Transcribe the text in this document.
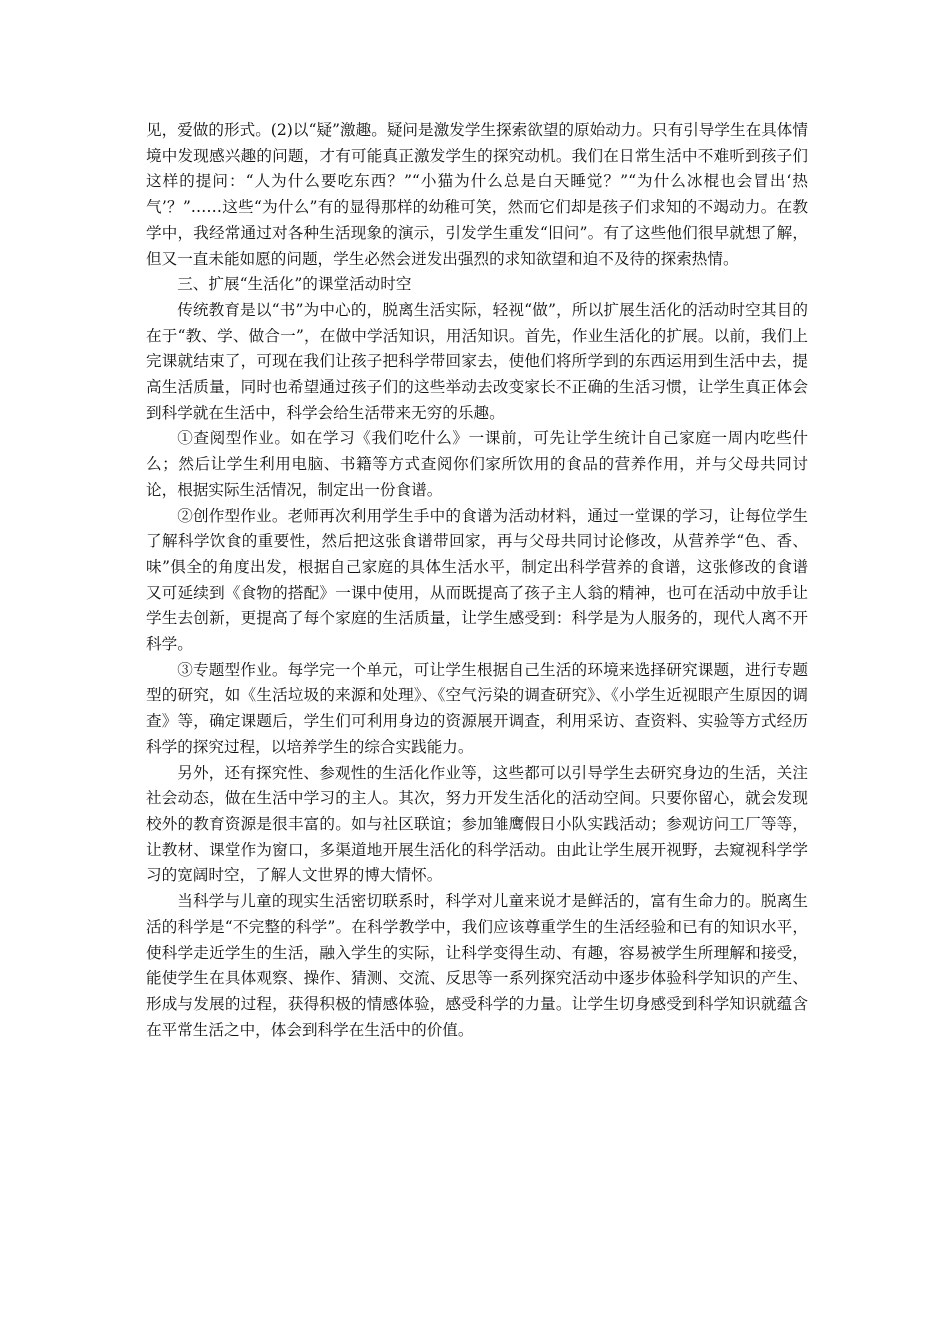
见，爱做的形式。(2)以“疑”激趣。疑问是激发学生探索欲望的原始动力。只有引导学生在具体情境中发现感兴趣的问题，才有可能真正激发学生的探究动机。我们在日常生活中不难听到孩子们这样的提问：“人为什么要吃东西？”“小猫为什么总是白天睡觉？”“为什么冰棍也会冒出‘热气’？”……这些“为什么”有的显得那样的幼稚可笑，然而它们却是孩子们求知的不竭动力。在教学中，我经常通过对各种生活现象的演示，引发学生重发“旧问”。有了这些他们很早就想了解，但又一直未能如愿的问题，学生必然会迸发出强烈的求知欲望和迫不及待的探索热情。

三、扩展“生活化”的课堂活动时空

传统教育是以“书”为中心的，脱离生活实际，轻视“做”，所以扩展生活化的活动时空其目的在于“教、学、做合一”，在做中学活知识，用活知识。首先，作业生活化的扩展。以前，我们上完课就结束了，可现在我们让孩子把科学带回家去，使他们将所学到的东西运用到生活中去，提高生活质量，同时也希望通过孩子们的这些举动去改变家长不正确的生活习惯，让学生真正体会到科学就在生活中，科学会给生活带来无穷的乐趣。

①查阅型作业。如在学习《我们吃什么》一课前，可先让学生统计自己家庭一周内吃些什么；然后让学生利用电脑、书籍等方式查阅你们家所饮用的食品的营养作用，并与父母共同讨论，根据实际生活情况，制定出一份食谱。

②创作型作业。老师再次利用学生手中的食谱为活动材料，通过一堂课的学习，让每位学生了解科学饮食的重要性，然后把这张食谱带回家，再与父母共同讨论修改，从营养学“色、香、味”俱全的角度出发，根据自己家庭的具体生活水平，制定出科学营养的食谱，这张修改的食谱又可延续到《食物的搭配》一课中使用，从而既提高了孩子主人翁的精神，也可在活动中放手让学生去创新，更提高了每个家庭的生活质量，让学生感受到：科学是为人服务的，现代人离不开科学。

③专题型作业。每学完一个单元，可让学生根据自己生活的环境来选择研究课题，进行专题型的研究，如《生活垃圾的来源和处理》、《空气污染的调查研究》、《小学生近视眼产生原因的调查》等，确定课题后，学生们可利用身边的资源展开调查，利用采访、查资料、实验等方式经历科学的探究过程，以培养学生的综合实践能力。

另外，还有探究性、参观性的生活化作业等，这些都可以引导学生去研究身边的生活，关注社会动态，做在生活中学习的主人。其次，努力开发生活化的活动空间。只要你留心，就会发现校外的教育资源是很丰富的。如与社区联谊；参加雏鹰假日小队实践活动；参观访问工厂等等，让教材、课堂作为窗口，多渠道地开展生活化的科学活动。由此让学生展开视野，去窥视科学学习的宽阔时空，了解人文世界的博大情怀。

当科学与儿童的现实生活密切联系时，科学对儿童来说才是鲜活的，富有生命力的。脱离生活的科学是“不完整的科学”。在科学教学中，我们应该尊重学生的生活经验和已有的知识水平，使科学走近学生的生活，融入学生的实际，让科学变得生动、有趣，容易被学生所理解和接受，能使学生在具体观察、操作、猜测、交流、反思等一系列探究活动中逐步体验科学知识的产生、形成与发展的过程，获得积极的情感体验，感受科学的力量。让学生切身感受到科学知识就蕴含在平常生活之中，体会到科学在生活中的价值。
